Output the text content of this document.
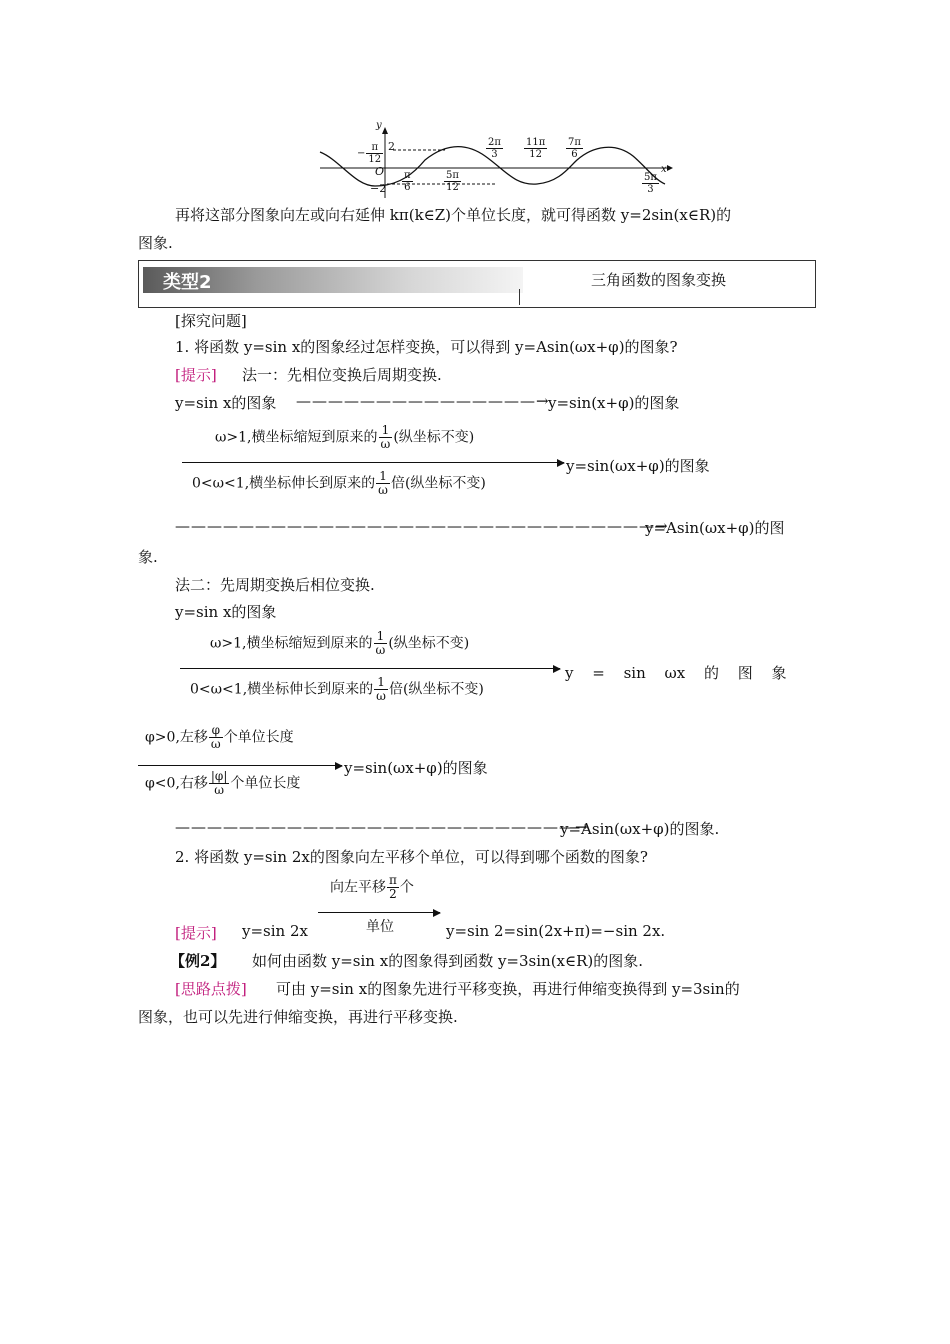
y
x
O
2
−2
− $\frac{\pi}{12}$	$\frac{2\pi}{3} \frac{11\pi}{12} \frac{7\pi}{6}$
$\frac{\pi}{6}$	$\frac{5\pi}{12}$	$\frac{5\pi}{3}$
再将这部分图象向左或向右延伸 kπ(k∈Z)个单位长度，就可得函数 y=2sin(x∈R)的
图象.
类型2	三角函数的图象变换
[探究问题]
1. 将函数 y=sin x的图象经过怎样变换，可以得到 y=Asin(ωx+φ)的图象?
[提示] 法一：先相位变换后周期变换.
y=sin x的图象 ———————————————→
y=sin(x+φ)的图象
ω>1,横坐标缩短到原来的 $\frac{1}{\omega}$ (纵坐标不变)
y=sin(ωx+φ)的图象
0<ω<1,横坐标伸长到原来的 $\frac{1}{\omega}$ 倍(纵坐标不变)
——————————————————————————————→
y=Asin(ωx+φ)的图
象.
法二：先周期变换后相位变换.
y=sin x的图象
ω>1,横坐标缩短到原来的 $\frac{1}{\omega}$ (纵坐标不变)
y = sin ωx 的 图 象
0<ω<1,横坐标伸长到原来的 $\frac{1}{\omega}$ 倍(纵坐标不变)
φ>0,左移 $\frac{\varphi}{\omega}$ 个单位长度
y=sin(ωx+φ)的图象
φ<0,右移 $\frac{|\varphi|}{\omega}$ 个单位长度
—————————————————————————→
y=Asin(ωx+φ)的图象.
2. 将函数 y=sin 2x的图象向左平移个单位，可以得到哪个函数的图象?
向左平移 $\frac{\pi}{2}$ 个
单位
[提示] y=sin 2x	y=sin 2=sin(2x+π)=−sin 2x.
【例2】 如何由函数 y=sin x的图象得到函数 y=3sin(x∈R)的图象.
[思路点拨] 可由 y=sin x的图象先进行平移变换，再进行伸缩变换得到 y=3sin的
图象，也可以先进行伸缩变换，再进行平移变换.
